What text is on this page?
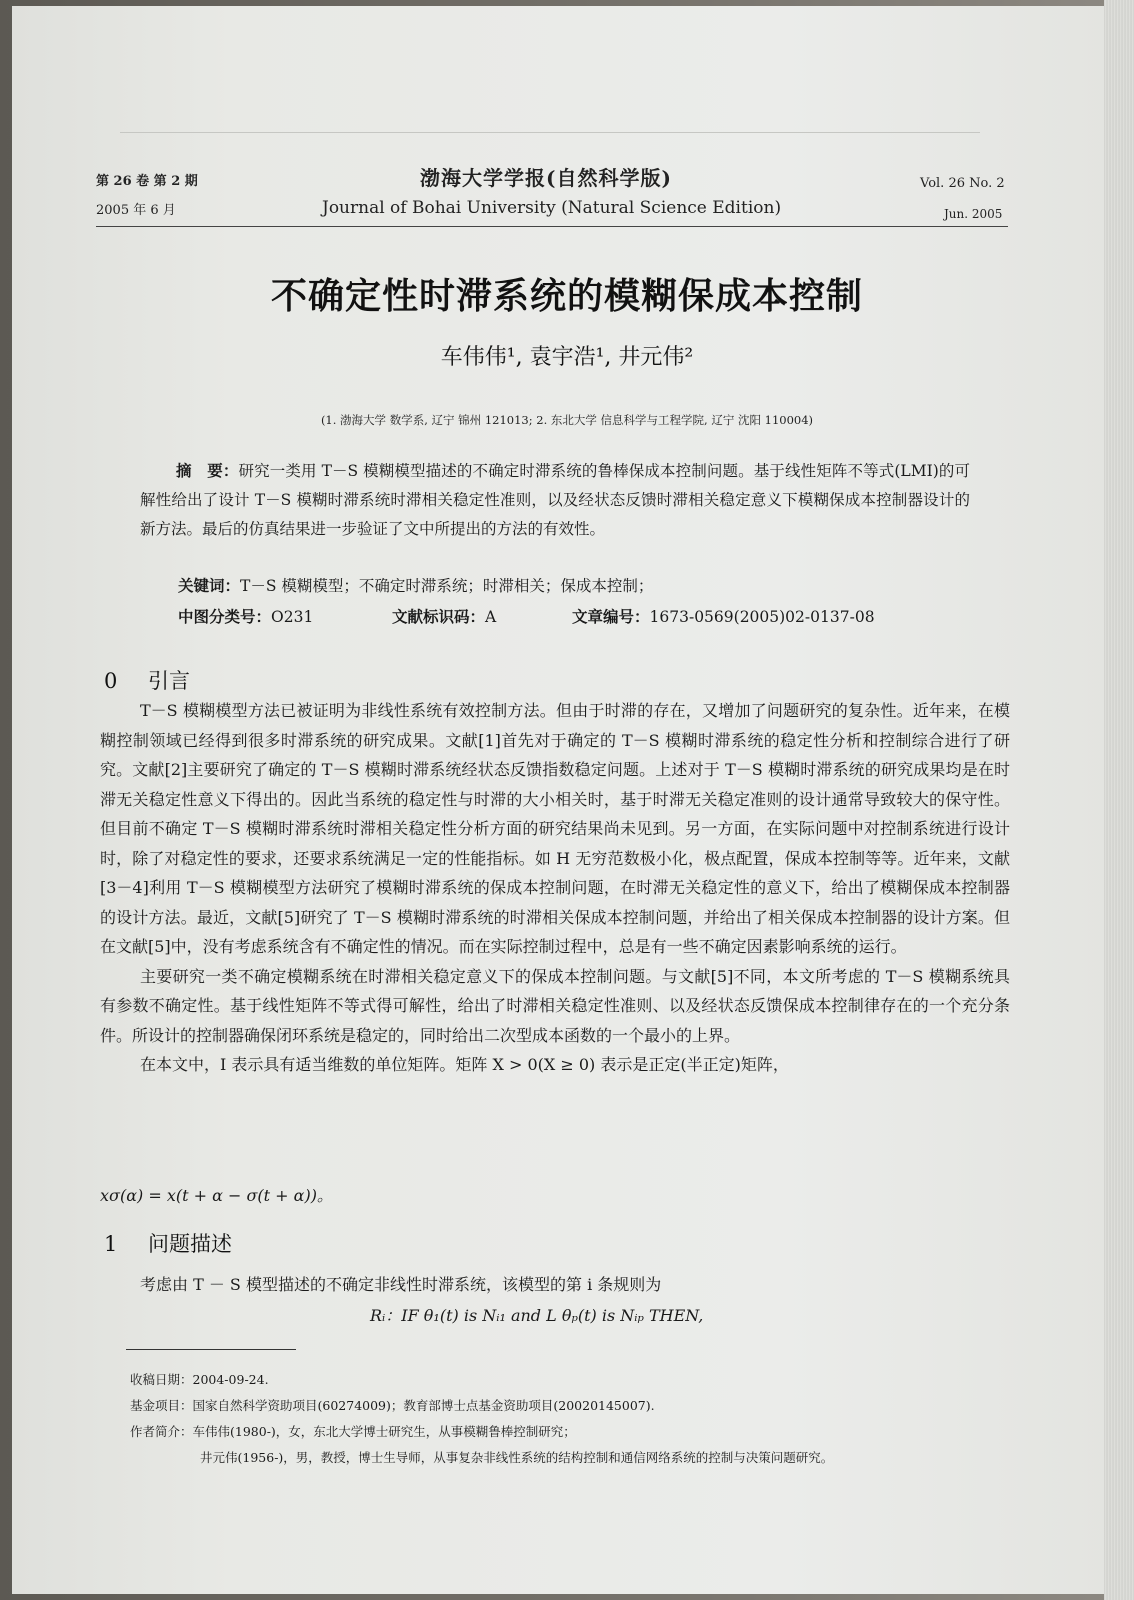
第 26 卷 第 2 期
2005 年 6 月
渤海大学学报(自然科学版)
Journal of Bohai University (Natural Science Edition)
Vol. 26 No. 2
Jun. 2005
不确定性时滞系统的模糊保成本控制
车伟伟¹, 袁宇浩¹, 井元伟²
(1. 渤海大学 数学系, 辽宁 锦州 121013; 2. 东北大学 信息科学与工程学院, 辽宁 沈阳 110004)
摘　要：研究一类用 T－S 模糊模型描述的不确定时滞系统的鲁棒保成本控制问题。基于线性矩阵不等式(LMI)的可解性给出了设计 T－S 模糊时滞系统时滞相关稳定性准则，以及经状态反馈时滞相关稳定意义下模糊保成本控制器设计的新方法。最后的仿真结果进一步验证了文中所提出的方法的有效性。
关键词：T－S 模糊模型；不确定时滞系统；时滞相关；保成本控制；
中图分类号：O231	文献标识码：A	文章编号：1673-0569(2005)02-0137-08
0 引言

T－S 模糊模型方法已被证明为非线性系统有效控制方法。但由于时滞的存在，又增加了问题研究的复杂性。近年来，在模糊控制领域已经得到很多时滞系统的研究成果。文献[1]首先对于确定的 T－S 模糊时滞系统的稳定性分析和控制综合进行了研究。文献[2]主要研究了确定的 T－S 模糊时滞系统经状态反馈指数稳定问题。上述对于 T－S 模糊时滞系统的研究成果均是在时滞无关稳定性意义下得出的。因此当系统的稳定性与时滞的大小相关时，基于时滞无关稳定准则的设计通常导致较大的保守性。但目前不确定 T－S 模糊时滞系统时滞相关稳定性分析方面的研究结果尚未见到。另一方面，在实际问题中对控制系统进行设计时，除了对稳定性的要求，还要求系统满足一定的性能指标。如 H 无穷范数极小化，极点配置，保成本控制等等。近年来，文献[3－4]利用 T－S 模糊模型方法研究了模糊时滞系统的保成本控制问题，在时滞无关稳定性的意义下，给出了模糊保成本控制器的设计方法。最近，文献[5]研究了 T－S 模糊时滞系统的时滞相关保成本控制问题，并给出了相关保成本控制器的设计方案。但在文献[5]中，没有考虑系统含有不确定性的情况。而在实际控制过程中，总是有一些不确定因素影响系统的运行。

主要研究一类不确定模糊系统在时滞相关稳定意义下的保成本控制问题。与文献[5]不同，本文所考虑的 T－S 模糊系统具有参数不确定性。基于线性矩阵不等式得可解性，给出了时滞相关稳定性准则、以及经状态反馈保成本控制律存在的一个充分条件。所设计的控制器确保闭环系统是稳定的，同时给出二次型成本函数的一个最小的上界。

在本文中，I 表示具有适当维数的单位矩阵。矩阵 X > 0(X ≥ 0) 表示是正定(半正定)矩阵，

xσ(α) = x(t + α − σ(t + α))。
1 问题描述

考虑由 T － S 模型描述的不确定非线性时滞系统，该模型的第 i 条规则为

Rᵢ：IF θ₁(t) is Nᵢ₁ and L θₚ(t) is Nᵢₚ THEN,
收稿日期：2004-09-24.
基金项目：国家自然科学资助项目(60274009)；教育部博士点基金资助项目(20020145007).
作者简介：车伟伟(1980-)，女，东北大学博士研究生，从事模糊鲁棒控制研究；
井元伟(1956-)，男，教授，博士生导师，从事复杂非线性系统的结构控制和通信网络系统的控制与决策问题研究。
